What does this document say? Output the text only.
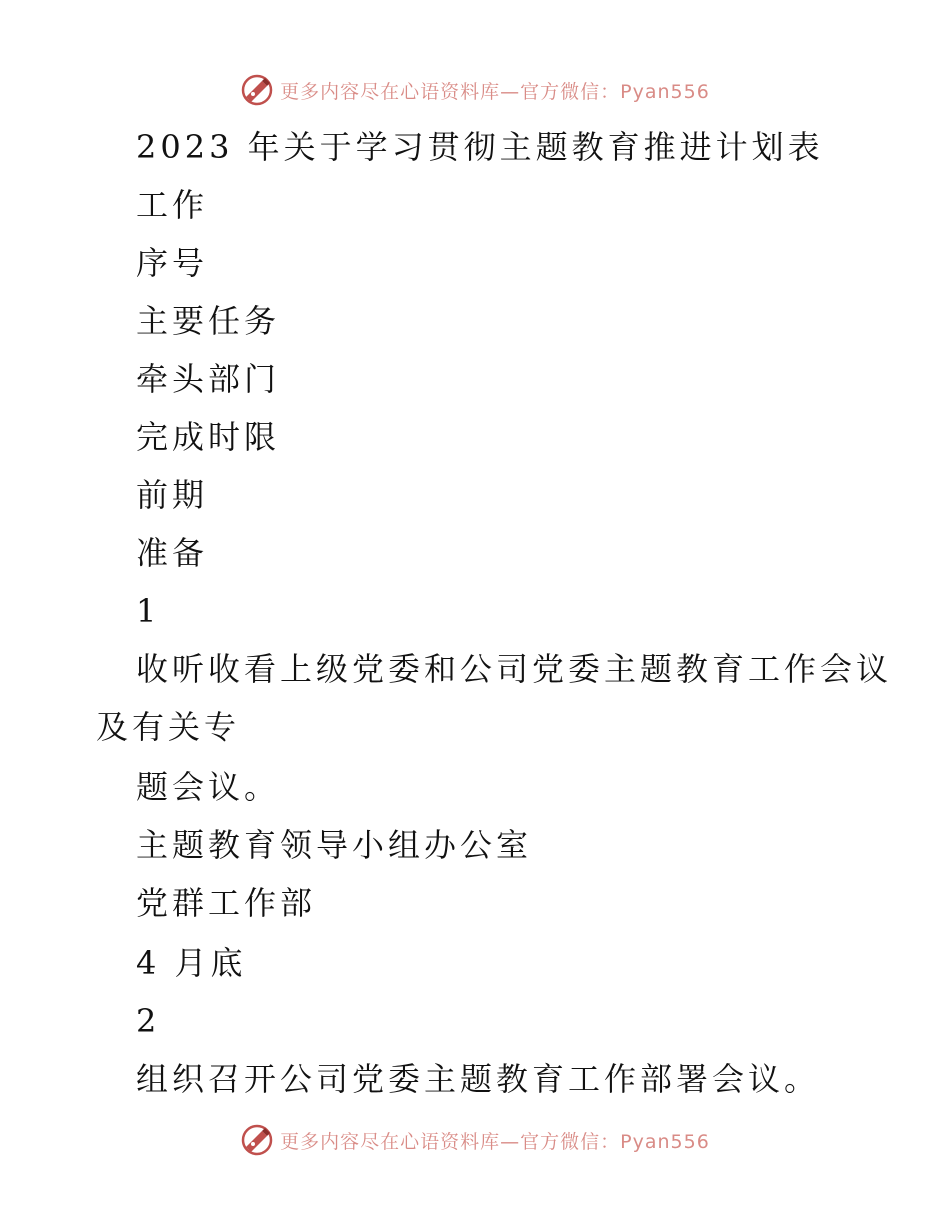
更多内容尽在心语资料库—官方微信：Pyan556
2023 年关于学习贯彻主题教育推进计划表
工作
序号
主要任务
牵头部门
完成时限
前期
准备
1
收听收看上级党委和公司党委主题教育工作会议
及有关专
题会议。
主题教育领导小组办公室
党群工作部
4 月底
2
组织召开公司党委主题教育工作部署会议。
更多内容尽在心语资料库—官方微信：Pyan556
